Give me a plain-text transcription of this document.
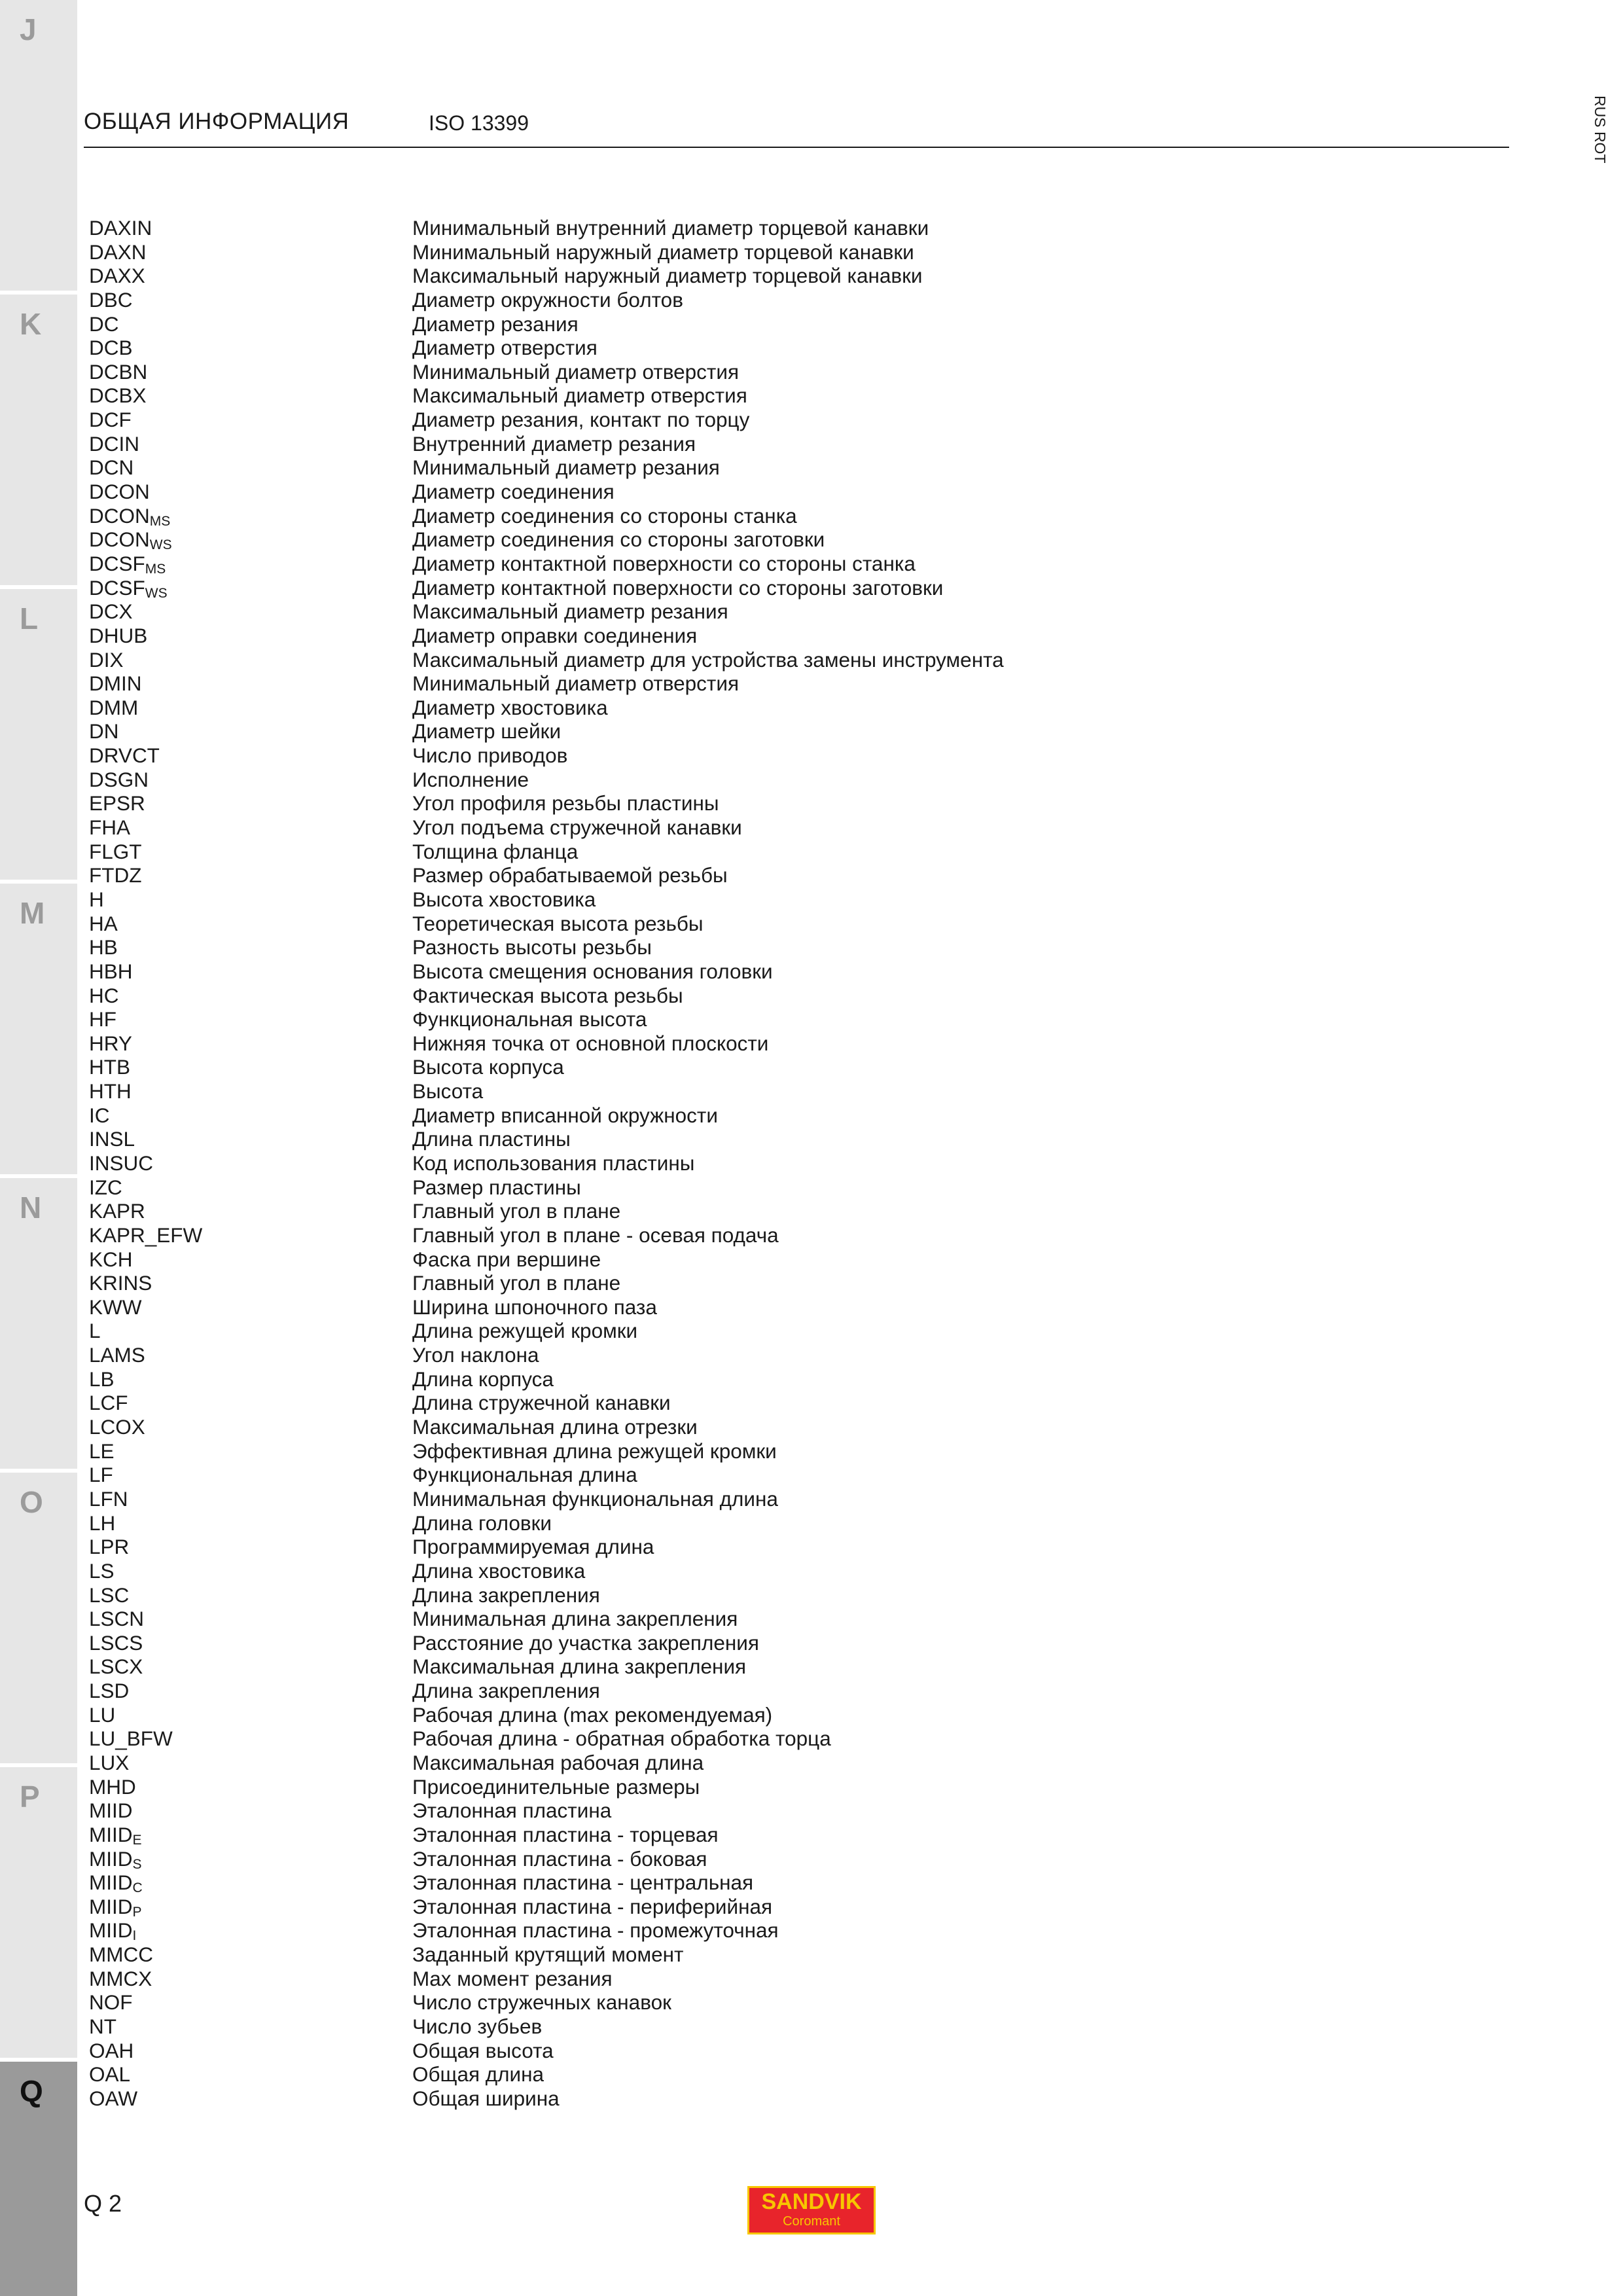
J
K
L
M
N
O
P
Q
ОБЩАЯ ИНФОРМАЦИЯ	ISO 13399	RUS ROT
DAXIN	Минимальный внутренний диаметр торцевой канавки
DAXN	Минимальный наружный диаметр торцевой канавки
DAXX	Максимальный наружный диаметр торцевой канавки
DBC	Диаметр окружности болтов
DC	Диаметр резания
DCB	Диаметр отверстия
DCBN	Минимальный диаметр отверстия
DCBX	Максимальный диаметр отверстия
DCF	Диаметр резания, контакт по торцу
DCIN	Внутренний диаметр резания
DCN	Минимальный диаметр резания
DCON	Диаметр соединения
$DCON_{MS}$	Диаметр соединения со стороны станка
$DCON_{WS}$	Диаметр соединения со стороны заготовки
$DCSF_{MS}$	Диаметр контактной поверхности со стороны станка
$DCSF_{WS}$	Диаметр контактной поверхности со стороны заготовки
DCX	Максимальный диаметр резания
DHUB	Диаметр оправки соединения
DIX	Максимальный диаметр для устройства замены инструмента
DMIN	Минимальный диаметр отверстия
DMM	Диаметр хвостовика
DN	Диаметр шейки
DRVCT	Число приводов
DSGN	Исполнение
EPSR	Угол профиля резьбы пластины
FHA	Угол подъема стружечной канавки
FLGT	Толщина фланца
FTDZ	Размер обрабатываемой резьбы
H	Высота хвостовика
HA	Теоретическая высота резьбы
HB	Разность высоты резьбы
HBH	Высота смещения основания головки
HC	Фактическая высота резьбы
HF	Функциональная высота
HRY	Нижняя точка от основной плоскости
HTB	Высота корпуса
HTH	Высота
IC	Диаметр вписанной окружности
INSL	Длина пластины
INSUC	Код использования пластины
IZC	Размер пластины
KAPR	Главный угол в плане
KAPR_EFW	Главный угол в плане - осевая подача
KCH	Фаска при вершине
KRINS	Главный угол в плане
KWW	Ширина шпоночного паза
L	Длина режущей кромки
LAMS	Угол наклона
LB	Длина корпуса
LCF	Длина стружечной канавки
LCOX	Максимальная длина отрезки
LE	Эффективная длина режущей кромки
LF	Функциональная длина
LFN	Минимальная функциональная длина
LH	Длина головки
LPR	Программируемая длина
LS	Длина хвостовика
LSC	Длина закрепления
LSCN	Минимальная длина закрепления
LSCS	Расстояние до участка закрепления
LSCX	Максимальная длина закрепления
LSD	Длина закрепления
LU	Рабочая длина (max рекомендуемая)
LU_BFW	Рабочая длина - обратная обработка торца
LUX	Максимальная рабочая длина
MHD	Присоединительные размеры
MIID	Эталонная пластина
$MIID_E$	Эталонная пластина - торцевая
$MIID_S$	Эталонная пластина - боковая
$MIID_C$	Эталонная пластина - центральная
$MIID_P$	Эталонная пластина - периферийная
$MIID_I$	Эталонная пластина - промежуточная
MMCC	Заданный крутящий момент
MMCX	Max момент резания
NOF	Число стружечных канавок
NT	Число зубьев
OAH	Общая высота
OAL	Общая длина
OAW	Общая ширина
Q 2	SANDVIK
Coromant
